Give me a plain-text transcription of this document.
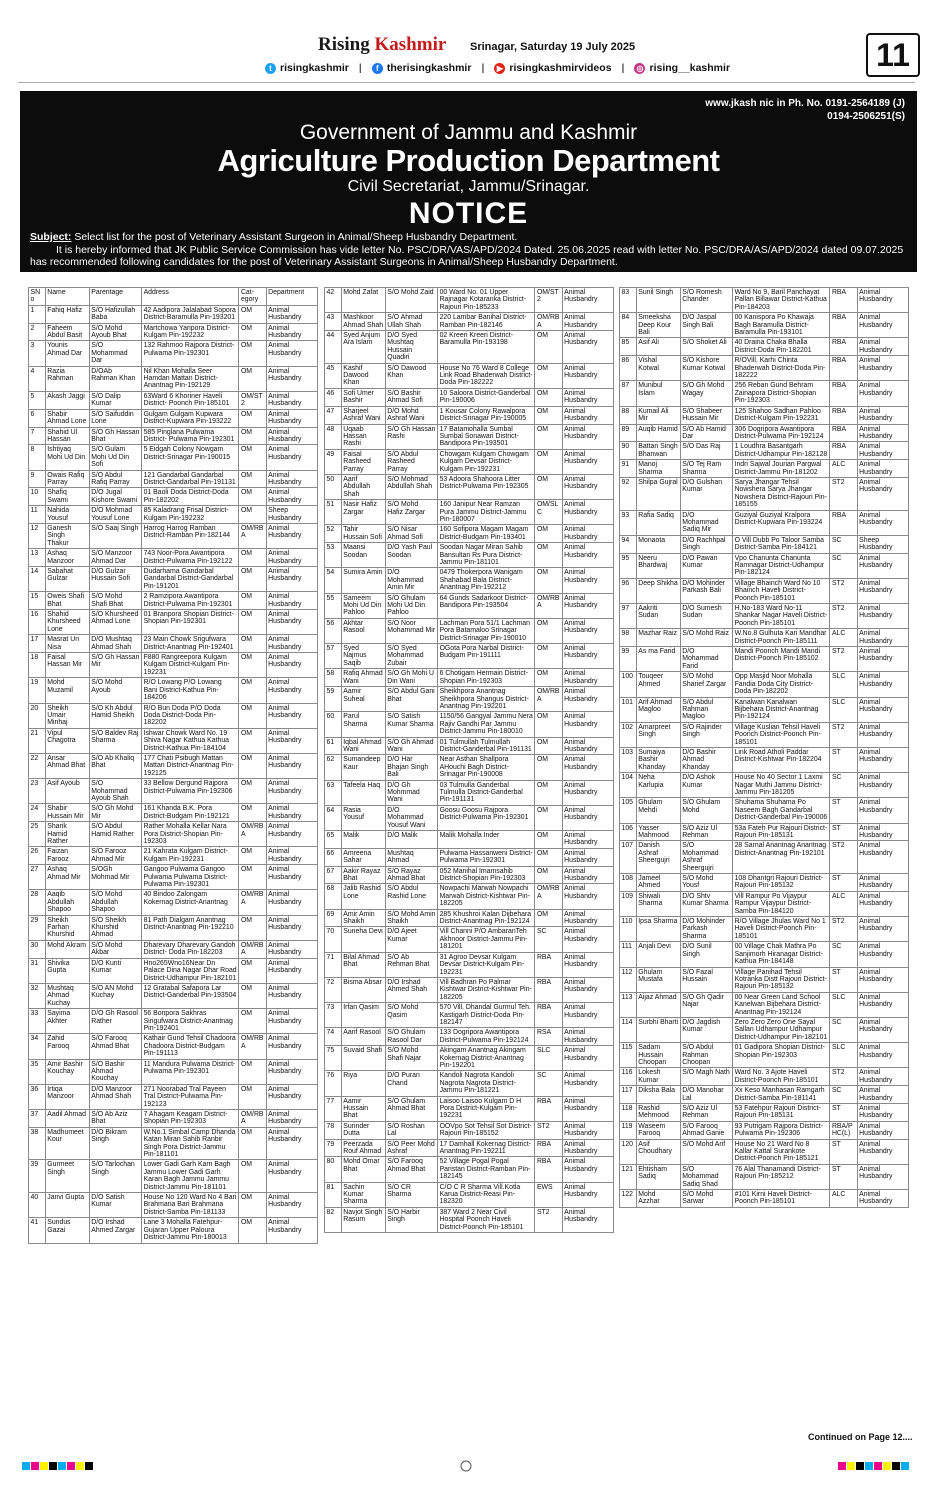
Rising Kashmir Srinagar, Saturday 19 July 2025
t risingkashmir |	f therisingkashmir |	▶ risingkashmirvideos | ◎ rising__kashmir	11
www.jkash nic in Ph. No. 0191-2564189 (J)
0194-2506251(S)
Government of Jammu and Kashmir
Agriculture Production Department
Civil Secretariat, Jammu/Srinagar.
NOTICE
Subject: Select list for the post of Veterinary Assistant Surgeon in Animal/Sheep Husbandry Department.
It is hereby informed that JK Public Service Commission has vide letter No. PSC/DR/VAS/APD/2024 Dated. 25.06.2025 read with letter No. PSC/DRA/AS/APD/2024 dated 09.07.2025 has recommended following candidates for the post of Veterinary Assistant Surgeons in Animal/Sheep Husbandry Department.
SNo	Name	Parentage	Address	Cat-egory	Department
1	Fahiq Hafiz	S/O Hafizullah Baba	42 Aadipora Jalalabad Sopora District-Baramulla Pin-193201	OM	Animal Husbandry
2	Faheem Abdul Basit	S/O Mohd Ayoub Bhat	Martchowa Yaripora District-Kulgam Pin-192232	OM	Animal Husbandry
3	Younis Ahmad Dar	S/O Mohammad Dar	132 Rahmoo Rajpora District- Pulwama Pin-192301	OM	Animal Husbandry
4	Razia Rahman	D/OAb Rahman Khan	Nil Khan Mohalla Seer Hamdan Mattan District-Anantnag Pin-192129	OM	Animal Husbandry
5	Akash Jaggi	S/O Dalip Kumar	63Ward 6 Khoriner Haveli District- Poonch Pin-185101	OM/ST2	Animal Husbandry
6	Shabir Ahmad Lone	S/O Saifuddin Lone	Gulgam Gulgam Kupwara District-Kupwara Pin-193222	OM	Animal Husbandry
7	Shahid Ul Hassan	S/O Gh Hassan Bhat	585 Pinglana Pulwama District- Pulwama Pin-192301	OM	Animal Husbandry
8	Ishtiyaq Mohi Ud Din	S/O Gulam Mohi Ud Din Sofi	5 Eidgah Colony Nowgam District-Srinagar Pin-190015	OM	Animal Husbandry
9	Owais Rafiq Parray	S/O Abdul Rafiq Parray	121 Gandarbal Gandarbal District-Gandarbal Pin-191131	OM	Animal Husbandry
10	Shafiq Swami	D/O Jugal Kishore Swami	01 Baoli Doda District-Doda Pin-182202	OM	Animal Husbandry
11	Nahida Yousuf	D/O Mohmad Yousuf Lone	85 Kaladrang Frisal District-Kulgam Pin-192232	OM	Sheep Husbandry
12	Ganesh Singh Thakur	S/O Saaj Singh	Harrog Harrog Ramban District-Ramban Pin-182144	OM/RBA	Animal Husbandry
13	Ashaq Manzoor	S/O Manzoor Ahmad Dar	743 Noor-Pora Awantipora District-Pulwama Pin-192122	OM	Animal Husbandry
14	Sabahat Gulzar	D/O Gulzar Hussain Sofi	Dudarhama Gandarbal Gandarbal District-Gandarbal Pin-191201	OM	Animal Husbandry
15	Oweis Shafi Bhat	S/O Mohd Shafi Bhat	2 Ramzipora Awantipora District-Pulwama Pin-192301	OM	Animal Husbandry
16	Shahid Khursheed Lone	S/O Khursheed Ahmad Lone	01 Branpora Shopian District-Shopian Pin-192301	OM	Animal Husbandry
17	Masrat Un Nisa	D/O Mushtaq Ahmad Shah	23 Main Chowk Srigufwara District-Anantnag Pin-192401	OM	Animal Husbandry
18	Faisal Hassan Mir	S/O Gh Hassan Mir	F880 Rangreepora Kulgam Kulgam District-Kulgam Pin-192231	OM	Animal Husbandry
19	Mohd Muzamil	S/O Mohd Ayoub	R/O Lowang P/O Lowang Bani District-Kathua Pin-184206	OM	Animal Husbandry
20	Sheikh Umair Minhaj	S/O Kh Abdul Hamid Sheikh	R/O Bun Doda P/O Doda Doda District-Doda Pin-182202	OM	Animal Husbandry
21	Vipul Chagotra	S/O Baldev Raj Sharma	Ishwar Chowk Ward No. 19 Shiva Nagar Kathua Kathua District-Kathua Pin-184104	OM	Animal Husbandry
22	Ansar Ahmad Bhat	S/O Ab Khaliq Bhat	177 Chati Psibugh Mattan Mattan District-Anantnag Pin-192125	OM	Animal Husbandry
23	Asif Ayoub	S/O Mohammad Ayoub Shah	33 Bellow Dergund Rajpora District-Pulwama Pin-192306	OM	Animal Husbandry
24	Shabir Hussain Mir	S/O Gh Mohd Mir	161 Khanda B.K. Pora District-Budgam Pin-192121	OM	Animal Husbandry
25	Sharik Hamid Rather	S/O Abdul Hamid Rather	Rather Mohalla Kellar Nara Pora District-Shopian Pin-192303	OM/RBA	Animal Husbandry
26	Faizan Farooz	S/O Farooz Ahmad Mir	21 Kahrata Kulgam District-Kulgam Pin-192231	OM	Animal Husbandry
27	Ashaq Ahmad Mir	S/OGh Mohmad Mir	Gangoo Pulwama Gangoo Pulwama Pulwama District-Pulwama Pin-192301	OM	Animal Husbandry
28	Aaqib Abdullah Shapoo	S/O Mohd Abdullah Shapoo	40 Bindoo Zalongam Kokernag District-Anantnag	OM/RBA	Animal Husbandry
29	Sheikh Farhan Khurshid	S/O Sheikh Khurshid Ahmad	81 Path Dialgam Anantnag District-Anantnag Pin-192210	OM	Animal Husbandry
30	Mohd Akram	S/O Mohd Akbar	Dharevary Dharevary Gandoh District- Doda Pin-182203	OM/RBA	Animal Husbandry
31	Shivika Gupta	D/O Kunti Kumar	Hno265Wno16Near Dn Palace Dina Nagar Dhar Road District-Udhampur Pin-182101	OM	Animal Husbandry
32	Mushtaq Ahmad Kuchay	S/O AN Mohd Kuchay	12 Gratabal Safapora Lar District-Ganderbal Pin-193504	OM	Animal Husbandry
33	Sayima Akhter	D/O Gh Rasool Rather	56 Bonpora Sakhras Sirigufwara District-Anantnag Pin-192401	OM	Animal Husbandry
34	Zahid Farooq	S/O Farooq Ahmad Bhat	Kathair Gund Tehsil Chadoora Chadoora District-Budgam Pin-191113	OM/RBA	Animal Husbandry
35	Amir Bashir Kouchay	S/O Bashir Ahmad Kouchay	11 Mandura Pulwama District- Pulwama Pin-192301	OM	Animal Husbandry
36	Irtiqa Manzoor	D/O Manzoor Ahmad Shah	271 Noorabad Tral Payeen Tral District-Pulwama Pin-192123	OM	Animal Husbandry
37	Aadil Ahmad	S/O Ab Aziz Bhat	7 Ahagam Keagam District-Shopian Pin-192303	OM/RBA	Animal Husbandry
38	Madhumeet Kour	D/O Bikram Singh	W.No.1 Simbal Camp Dhanda Katan Miran Sahib Ranbir Singh Pora District-Jammu Pin-181101	OM	Animal Husbandry
39	Gurmeet Singh	S/O Tarlochan Singh	Lower Gadi Garh Karn Bagh Jammu Lower Gadi Garh Karan Bagh Jammu Jammu District-Jammu Pin-181101	OM	Animal Husbandry
40	Janvi Gupta	D/O Satish Kumar	House No 120 Ward No 4 Bari Brahmana Bari Brahmana District-Samba Pin-181133	OM	Animal Husbandry
41	Sundus Gazai	D/O Irshad Ahmed Zargar	Lane 3 Mohalla Fatehpur-Gujaran Upper Paloura District-Jammu Pin-180013	OM	Animal Husbandry
42	Mohd Zafat	S/O Mohd Zaid	00 Ward No. 01 Upper Rajnagar Kotaranka District-Rajouri Pin-185233	OM/ST2	Animal Husbandry
43	Mashkoor Ahmad Shah	S/O Ahmad Ullah Shah	220 Lambar Banihal District-Ramban Pin-182146	OM/RBA	Animal Husbandry
44	Syed Anjum Ara Islam	D/O Syed Mushtaq Hussain Quadiri	02 Kreeri Kreeri District-Baramulla Pin-193198	OM	Animal Husbandry
45	Kashif Dawood Khan	S/O Dawood Khan	House No 76 Ward 8 College Link Road Bhaderwah District-Doda Pin-182222	OM	Animal Husbandry
46	Sofi Umer Bashir	S/O Bashir Ahmad Sofi	10 Saloora District-Ganderbal Pin-190006	OM	Animal Husbandry
47	Sharjeel Ashraf Wani	D/O Mohd Ashraf Wani	1 Kousar Colony Rawalpora District-Srinagar Pin-190005	OM	Animal Husbandry
48	Uqaab Hassan Rashi	S/O Gh Hassan Rashi	17 Batamohalla Sumbal Sumbal Sonawari District-Bandipora Pin-193501	OM	Animal Husbandry
49	Faisal Rasheed Parray	S/O Abdul Rasheed Parray	Chowgam Kulgam Chowgam Kulgam Devsar District-Kulgam Pin-192231	OM	Animal Husbandry
50	Aarif Abdullah Shah	S/O Mohmad Abdullah Shah	53 Adoora Shahoora Litter District-Pulwama Pin-192305	OM	Animal Husbandry
51	Nasir Hafiz Zargar	S/O Mohd Hafiz Zargar	160 Janipur Near Ramzan Pura Jammu District-Jammu Pin-180007	OM/SLC	Animal Husbandry
52	Tahir Hussain Sofi	S/O Nisar Ahmad Sofi	160 Sofipora Magam Magam District-Budgam Pin-193401	OM	Animal Husbandry
53	Maansi Soodan	D/O Yash Paul Soodan	Soodan Nagar Miran Sahib Bansultan Rs Pura District-Jammu Pin-181101	OM	Animal Husbandry
54	Sumira Amin	D/O Mohammad Amin Mir	0479 Thokerpora Wanigam Shahabad Bala District-Anantnag Pin-192212	OM	Animal Husbandry
55	Sameem Mohi Ud Din Pahloo	S/O Ghulam Mohi Ud Din Pahloo	64 Gunds Sadarkoot District-Bandipora Pin-193504	OM/RBA	Animal Husbandry
56	Akhtar Rasool	S/O Noor Mohammad Mir	Lachman Pora 51/1 Lachman Pora Batamaloo Srinagar District-Srinagar Pin-190010	OM	Animal Husbandry
57	Syed Najmus Saqib	S/O Syed Mohammad Zubair	OGota Pora Narbal District-Budgam Pin-191111	OM	Animal Husbandry
58	Rafiq Ahmad Wani	S/O Gh Mohi U Din Wani	6 Chotigam Hermain District-Shopian Pin-192303	OM	Animal Husbandry
59	Aamir Suheal	S/O Abdul Gani Bhat	Sheikhpora Anantnag Sheikhpora Shangus District-Anantnag Pin-192201	OM/RBA	Animal Husbandry
60	Parul Sharma	S/O Satish Kumar Sharma	1150/56 Gangyal Jammu Nera Rajiv Gandhi Par Jammu District-Jammu Pin-180010	OM	Animal Husbandry
61	Iqbal Ahmad Wani	S/O Gh Ahmad Wani	01 Tulmullah Tulmullah District-Ganderbal Pin-191131	OM	Animal Husbandry
62	Sumandeep Kaur	D/O Har Bhajan Singh Bali	Near Asthan Shallpora AHouchi Bagh District-Srinagar Pin-190008	OM	Animal Husbandry
63	Tafeela Haq	D/O Gh Mohmmad Wani	03 Tulmulla Ganderbal Tulmulla District-Ganderbal Pin-191131	OM	Animal Husbandry
64	Rasia Yousuf	D/O Mohammad Yousuf Wani	Goosu Goosu Rajpora District-Pulwama Pin-192301	OM	Animal Husbandry
65	Malik	D/O Malik	Malik Mohalla Inder	OM	Animal Husbandry
66	Amreena Sahar	Mushtaq Ahmad	Pulwama Hassanweni District-Pulwama Pin-192301	OM	Animal Husbandry
67	Aakir Rayaz Bhat	S/O Rayaz Ahmad Bhat	052 Manihal Imamsahib District-Shopian Pin-192303	OM	Animal Husbandry
68	Jalib Rashid Lone	S/O Abdul Rashid Lone	Nowpachi Marwah Nowpachi Marwah District-Kishtwar Pin-182205	OM/RBA	Animal Husbandry
69	Amir Amin Shaikh	S/O Mohd Amin Shaikh	285 Khushroi Kalan Dijbehara District-Anantnag Pin-192124	OM	Animal Husbandry
70	Suneha Devi	D/O Ajeet Kumar	Vill Channi P/O AmbaranTeh Akhnoor District-Jammu Pin-181201	SC	Animal Husbandry
71	Bilal Ahmad Bhat	S/O Ab Rehman Bhat	31 Agroo Devsar Kulgam Devsar District-Kulgam Pin-192231	RBA	Animal Husbandry
72	Bisma Absar	D/O Irshad Ahmed Shah	Vill Badhran Po Palmar Kishtwar District-Kishtwar Pin-182205	RBA	Animal Husbandry
73	Irfan Qasim	S/O Mohd Qasim	570 Vill. Dhandal Gurmul Teh. Kastigarh District-Doda Pin-182147	RBA	Animal Husbandry
74	Aarif Rasool	S/O Ghulam Rasool Dar	133 Dogripora Awantipora District-Pulwama Pin-192124	RSA	Animal Husbandry
75	Suvaid Shafi	S/O Mohd Shafi Najar	Akingam Anantnag Akingam Kokernag District-Anantnag Pin-192201	SLC	Animal Husbandry
76	Riya	D/O Puran Chand	Kandoli Nagrota Kandoli Nagrota Nagrota District-Jammu Pin-181221	SC	Animal Husbandry
77	Aamir Hussain Bhat	S/O Ghulam Ahmad Bhat	Laisoo Laisoo Kulgam D H Pora District-Kulgam Pin-192231	RBA	Animal Husbandry
78	Surinder Dutta	S/O Roshan Lal	OOVpo Sot Tehsil Sot District-Rajouri Pin-185152	ST2	Animal Husbandry
79	Peerzada Rouf Ahmad	S/O Peer Mohd Ashraf	17 Damhall Kokernag District-Anantnag Pin-192211	RBA	Animal Husbandry
80	Mohd Omar Bhat	S/O Farooq Ahmad Bhat	52 Village Pogal Pogal Paristan District-Ramban Pin-182145	RBA	Animal Husbandry
81	Sachin Kumar Sharma	S/O CR Sharma	C/O C R Sharma Vill.Kotla Karua District-Reasi Pin-182320	EWS	Animal Husbandry
82	Navjot Singh Rasum	S/O Harbir Singh	387 Ward 2 Near Civil Hospital Poonch Haveli District-Poonch Pin-185101	ST2	Animal Husbandry
83	Sunil Singh	S/O Romesh Chander	Ward No 9, Baril Panchayat Pallan Billawar District-Kathua Pin-184203	RBA	Animal Husbandry
84	Smeeksha Deep Kour Bali	D/O Jaspal Singh Bali	00 Kanispora Po Khawaja Bagh Baramulla District-Baramulla Pin-193101	RBA	Animal Husbandry
85	Asif Ali	S/O Shoket Ali	40 Draina Chaka Bhalla District-Doda Pin-182201	RBA	Animal Husbandry
86	Vishal Kotwal	S/O Kishore Kumar Kotwal	R/OVill. Karhi Chinta Bhaderwah District-Doda Pin-182222	RBA	Animal Husbandry
87	Munibul Islam	S/O Gh Mohd Wagay	256 Reban Gund Behram Zainapora District-Shopian Pin-192303	RBA	Animal Husbandry
88	Kumail Ali Mir	S/O Shabeer Hussain Mir	125 Shahoo Sadhan Pahloo District-Kulgam Pin-192231	RBA	Animal Husbandry
89	Auqib Hamid	S/O Ab Hamid Dar	306 Dogripora Awantipora District-Pulwama Pin-192124	RBA	Animal Husbandry
90	Battan Singh Bhanwan	S/O Das Raj	1 Loudhra Basantgarh District-Udhampur Pin-182128	RBA	Animal Husbandry
91	Manoj Sharma	S/O Tej Ram Sharma	Indri Sajwal Jourian Pargwal District-Jammu Pin-181202	ALC	Animal Husbandry
92	Shilpa Gujral	D/O Gulshan Kumar	Sarya Jhangar Tehsil Nowshera Sarya Jhangar Nowshera District-Rajouri Pin-185155	ST2	Animal Husbandry
93	Rafia Sadiq	D/O Mohammad Sadiq Mir	Guziyal Guziyal Kralpora District-Kupwara Pin-193224	RBA	Animal Husbandry
94	Monaota	D/O Rachhpal Singh	O Vill Dubb Po Taloor Samba District-Samba Pin-184121	SC	Sheep Husbandry
95	Neeru Bhardwaj	D/O Pawan Kumar	Vpo Chanunta Chanunta Ramnagar District-Udhampur Pin-182124	SC	Animal Husbandry
96	Deep Shikha	D/O Mohinder Parkash Bali	Village Bhainch Ward No 10 Bhainch Haveli District-Poonch Pin-185101	ST2	Animal Husbandry
97	Aakriti Sudan	D/O Sumesh Sudan	H.No-183 Ward No-11 Shankar Nagar Haveli District-Poonch Pin-185101	ST2	Animal Husbandry
98	Mazhar Raiz	S/O Mohd Raiz	W.No.8 Gulhuta Kari Mandhar District-Poonch Pin-185111	ALC	Animal Husbandry
99	As ma Farid	D/O Mohammad Farid	Mandi Poonch Mandi Mandi District-Poonch Pin-185102	ST2	Animal Husbandry
100	Touqeer Ahmed	S/O Mohd Sharief Zargar	Opp Masjid Noor Mohalla Fandia Doda City District-Doda Pin-182202	SLC	Animal Husbandry
101	Arif Ahmad Magloo	S/O Abdul Rahman Magloo	Kanalwan Kanalwan Bijbehara District-Anantnag Pin-192124	SLC	Animal Husbandry
102	Amarpreet Singh	S/O Rajinder Singh	Village Kuslian Tehsil Haveli Poonch District-Poonch Pin-185101	ST2	Animal Husbandry
103	Sumaiya Bashir Khanday	D/O Bashir Ahmad Khanday	Link Road Atholi Paddar District-Kishtwar Pin-182204	ST	Animal Husbandry
104	Neha Karlupia	D/O Ashok Kumar	House No 40 Sector 1 Laxmi Nagar Muthi Jammu District-Jammu Pin-181205	SC	Animal Husbandry
105	Ghulam Mehdi	S/O Ghulam Mohd	Shuhama Shuhama Po Naseem Bagh Gandarbal District-Ganderbal Pin-190006	ST	Animal Husbandry
106	Yasser Mahmood	S/O Aziz Ul Rehman	53a Fateh Pur Rajouri District-Rajouri Pin-185131	ST	Animal Husbandry
107	Danish Ashraf Sheergujri	S/O Mohammad Ashraf Sheergujri	28 Sarnal Anantnag Anantnag District-Anantnag Pin-192101	ST2	Animal Husbandry
108	Jameel Ahmed	S/O Mohd Yousf	108 Dhantgri Rajouri District-Rajouri Pin-185132	ST	Animal Husbandry
109	Shiwali Sharma	D/O Shtv Kumar Sharma	Vill Rampur Po Vijaypur Rampur Vijaypur District-Samba Pin-184120	ALC	Animal Husbandry
110	Ipsa Sharma	D/O Mohinder Parkash Sharma	R/O Village Jhulas Ward No 1 Haveli District-Poonch Pin-185101	ST2	Animal Husbandry
111	Anjali Devi	D/O Sunil Singh	00 Village Chak Mathra Po Sanjimorh Hiranagar District-Kathua Pin-184148	SC	Animal Husbandry
112	Ghulam Mustafa	S/O Fazal Hussain	Village Panihad Tehsil Kotranka Distt Rajouri District-Rajouri Pin-185132	ST	Animal Husbandry
113	Aijaz Ahmad	S/O Gh Qadir Najar	00 Near Green Land School Kanelwan Bijbehara District-Anantnag Pin-192124	SLC	Animal Husbandry
114	Surbhi Bharti	D/O Jagdish Kumar	Zero Zero Zero One Sayal Sallan Udhampur Udhampur District-Udhampur Pin-182101	SC	Animal Husbandry
115	Sadam Hussain Choopan	S/O Abdul Rahman Choopan	01 Gadipora Shopian District-Shopian Pin-192303	SLC	Animal Husbandry
116	Lokesh Kumar	S/O Magh Nath	Ward No. 3 Ajote Haveli District-Poonch Pin-185101	ST2	Animal Husbandry
117	Diksha Bala	D/O Manohar Lal	Xx Keso Manhasan Ramgarh District-Samba Pin-181141	SC	Animal Husbandry
118	Rashid Mehmood	S/O Aziz Ul Rehman	53 Fatehpur Rajouri District-Rajouri Pin-185131	ST	Animal Husbandry
119	Waseem Farooq	S/O Farooq Ahmad Ganie	93 Putrigam Rajpora District-Pulwama Pin-192306	RBA/PHC(L)	Animal Husbandry
120	Asif Choudhary	S/O Mohd Arif	House No 21 Ward No 8 Kallar Kattal Surankote District-Poonch Pin-185121	ST	Animal Husbandry
121	Ehtisham Sadiq	S/O Mohammad Sadiq Shad	76 Alal Thanamandi District-Rajouri Pin-185212	ST	Animal Husbandry
122	Mohd Azzhar	S/O Mohd Sarwar	#101 Kirni Haveli District-Poonch Pin-185101	ALC	Animal Husbandry
Continued on Page 12....
